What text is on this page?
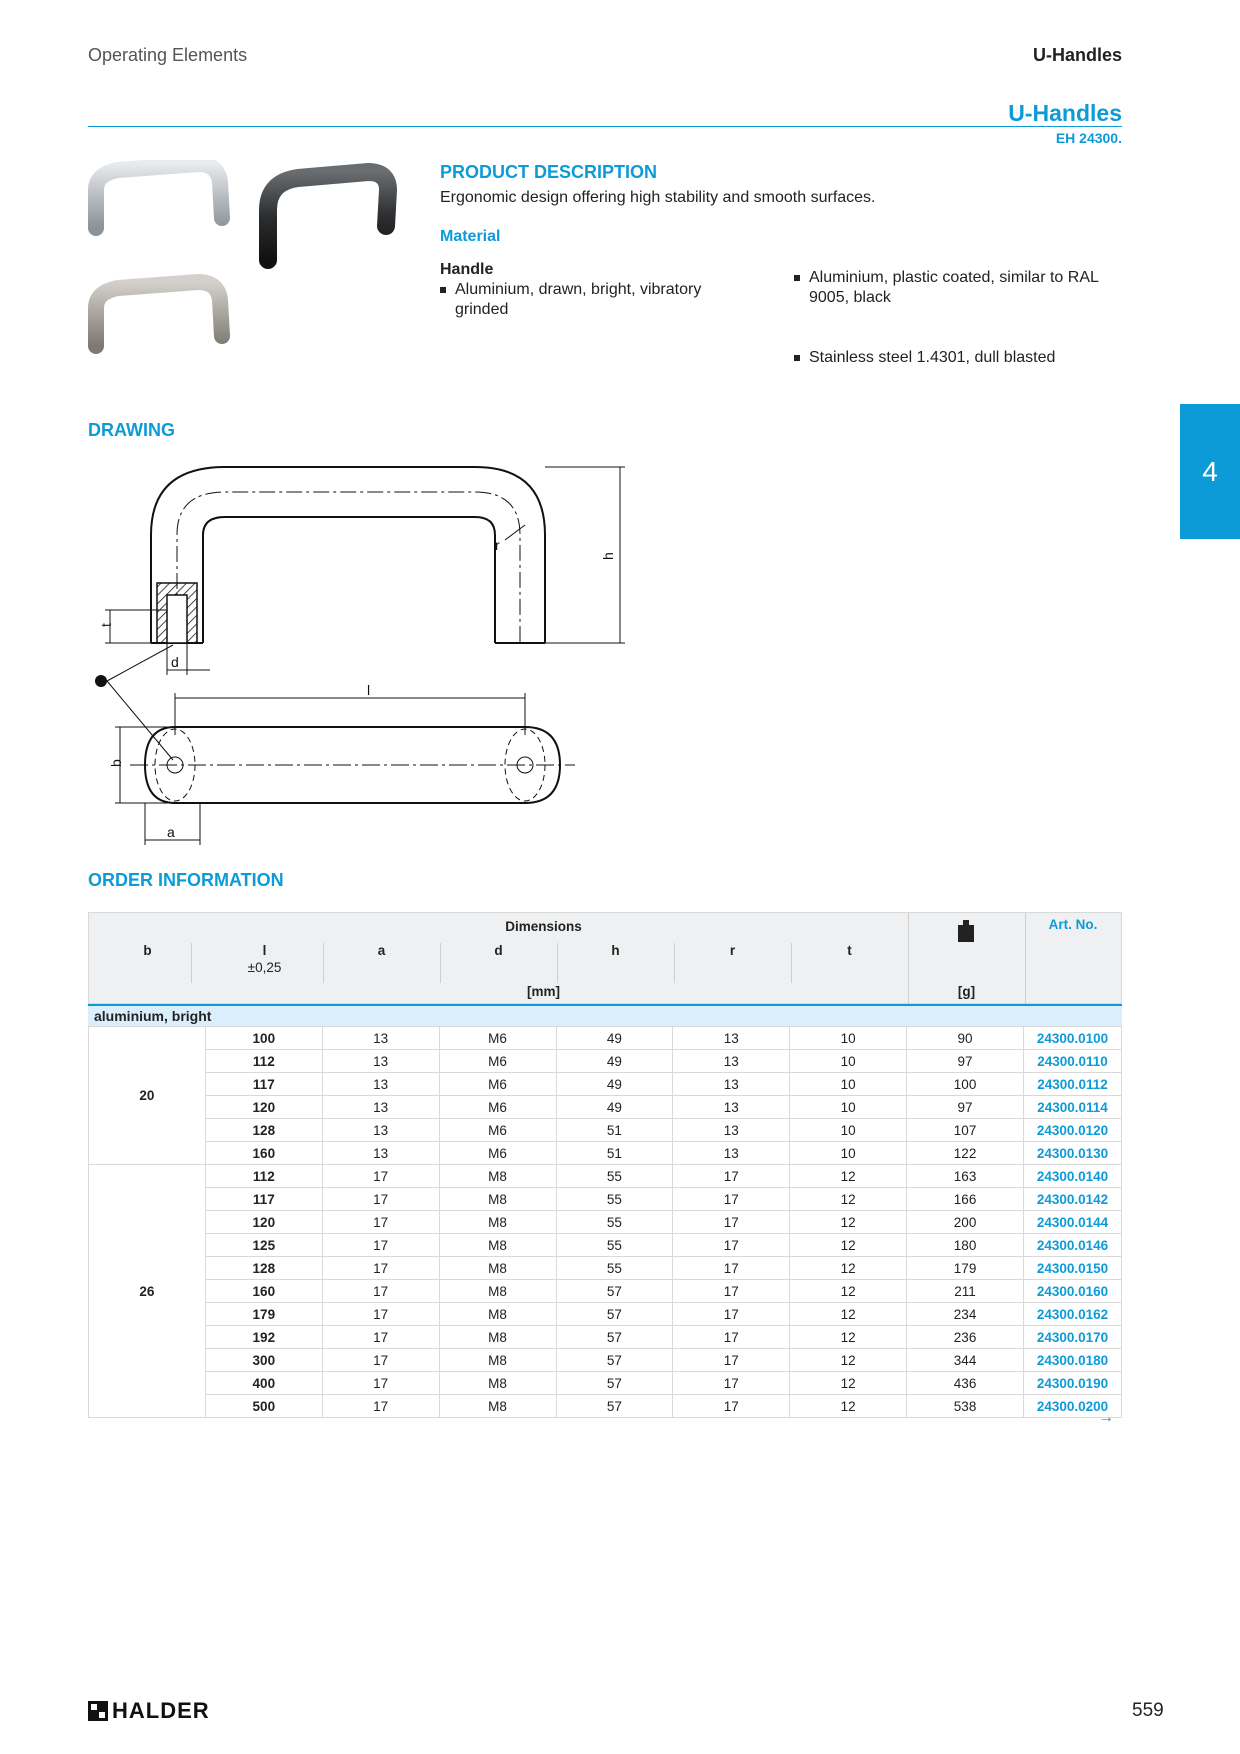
Operating Elements	U-Handles
U-Handles
EH 24300.
4
PRODUCT DESCRIPTION
Ergonomic design offering high stability and smooth surfaces.
Material
Handle
Aluminium, drawn, bright, vibratory grinded
Aluminium, plastic coated, similar to RAL 9005, black
Stainless steel 1.4301, dull blasted
DRAWING
h
r
t
d
l
b
a
ORDER INFORMATION
Dimensions
b	l
±0,25
a	d	h	r	t
[mm]	[g]
Art. No.
aluminium, bright
20	100	13	M6	49	13	10	90	24300.0100
	112	13	M6	49	13	10	97	24300.0110
	117	13	M6	49	13	10	100	24300.0112
	120	13	M6	49	13	10	97	24300.0114
	128	13	M6	51	13	10	107	24300.0120
	160	13	M6	51	13	10	122	24300.0130
26	112	17	M8	55	17	12	163	24300.0140
	117	17	M8	55	17	12	166	24300.0142
	120	17	M8	55	17	12	200	24300.0144
	125	17	M8	55	17	12	180	24300.0146
	128	17	M8	55	17	12	179	24300.0150
	160	17	M8	57	17	12	211	24300.0160
	179	17	M8	57	17	12	234	24300.0162
	192	17	M8	57	17	12	236	24300.0170
	300	17	M8	57	17	12	344	24300.0180
	400	17	M8	57	17	12	436	24300.0190
	500	17	M8	57	17	12	538	24300.0200
→
HALDER	559
